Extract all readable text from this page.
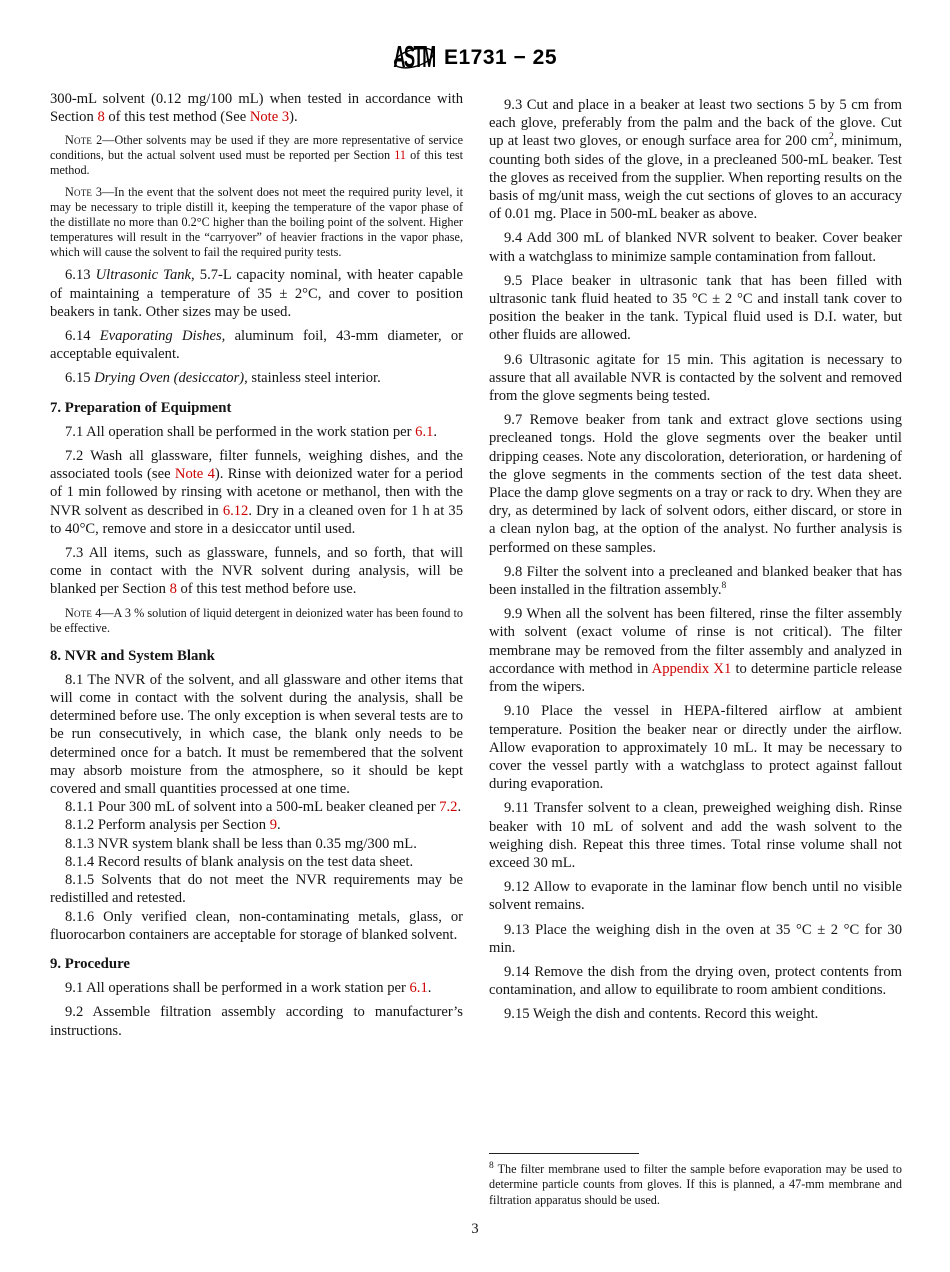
ASTM E1731 − 25

300-mL solvent (0.12 mg/100 mL) when tested in accordance with Section 8 of this test method (See Note 3).

Note 2—Other solvents may be used if they are more representative of service conditions, but the actual solvent used must be reported per Section 11 of this test method.

Note 3—In the event that the solvent does not meet the required purity level, it may be necessary to triple distill it, keeping the temperature of the vapor phase of the distillate no more than 0.2°C higher than the boiling point of the solvent. Higher temperatures will result in the “carryover” of heavier fractions in the vapor phase, which will cause the solvent to fail the required purity tests.

6.13 Ultrasonic Tank, 5.7-L capacity nominal, with heater capable of maintaining a temperature of 35 ± 2°C, and cover to position beakers in tank. Other sizes may be used.

6.14 Evaporating Dishes, aluminum foil, 43-mm diameter, or acceptable equivalent.

6.15 Drying Oven (desiccator), stainless steel interior.

7. Preparation of Equipment

7.1 All operation shall be performed in the work station per 6.1.

7.2 Wash all glassware, filter funnels, weighing dishes, and the associated tools (see Note 4). Rinse with deionized water for a period of 1 min followed by rinsing with acetone or methanol, then with the NVR solvent as described in 6.12. Dry in a cleaned oven for 1 h at 35 to 40°C, remove and store in a desiccator until used.

7.3 All items, such as glassware, funnels, and so forth, that will come in contact with the NVR solvent during analysis, will be blanked per Section 8 of this test method before use.

Note 4—A 3 % solution of liquid detergent in deionized water has been found to be effective.

8. NVR and System Blank

8.1 The NVR of the solvent, and all glassware and other items that will come in contact with the solvent during the analysis, shall be determined before use. The only exception is when several tests are to be run consecutively, in which case, the blank only needs to be determined once for a batch. It must be remembered that the solvent may absorb moisture from the atmosphere, so it should be kept covered and small quantities processed at one time.

8.1.1 Pour 300 mL of solvent into a 500-mL beaker cleaned per 7.2.

8.1.2 Perform analysis per Section 9.

8.1.3 NVR system blank shall be less than 0.35 mg/300 mL.

8.1.4 Record results of blank analysis on the test data sheet.

8.1.5 Solvents that do not meet the NVR requirements may be redistilled and retested.

8.1.6 Only verified clean, non-contaminating metals, glass, or fluorocarbon containers are acceptable for storage of blanked solvent.

9. Procedure

9.1 All operations shall be performed in a work station per 6.1.

9.2 Assemble filtration assembly according to manufacturer’s instructions.

9.3 Cut and place in a beaker at least two sections 5 by 5 cm from each glove, preferably from the palm and the back of the glove. Cut up at least two gloves, or enough surface area for 200 $cm^2$, minimum, counting both sides of the glove, in a precleaned 500-mL beaker. Test the gloves as received from the supplier. When reporting results on the basis of mg/unit mass, weigh the cut sections of gloves to an accuracy of 0.01 mg. Place in 500-mL beaker as above.

9.4 Add 300 mL of blanked NVR solvent to beaker. Cover beaker with a watchglass to minimize sample contamination from fallout.

9.5 Place beaker in ultrasonic tank that has been filled with ultrasonic tank fluid heated to 35 °C ± 2 °C and install tank cover to position the beaker in the tank. Typical fluid used is D.I. water, but other fluids are allowed.

9.6 Ultrasonic agitate for 15 min. This agitation is necessary to assure that all available NVR is contacted by the solvent and removed from the glove segments being tested.

9.7 Remove beaker from tank and extract glove sections using precleaned tongs. Hold the glove segments over the beaker until dripping ceases. Note any discoloration, deterioration, or hardening of the glove segments in the comments section of the test data sheet. Place the damp glove segments on a tray or rack to dry. When they are dry, as determined by lack of solvent odors, either discard, or store in a clean nylon bag, at the option of the analyst. No further analysis is performed on these samples.

9.8 Filter the solvent into a precleaned and blanked beaker that has been installed in the filtration assembly.$^8$

9.9 When all the solvent has been filtered, rinse the filter assembly with solvent (exact volume of rinse is not critical). The filter membrane may be removed from the filter assembly and analyzed in accordance with method in Appendix X1 to determine particle release from the wipers.

9.10 Place the vessel in HEPA-filtered airflow at ambient temperature. Position the beaker near or directly under the airflow. Allow evaporation to approximately 10 mL. It may be necessary to cover the vessel partly with a watchglass to protect against fallout during evaporation.

9.11 Transfer solvent to a clean, preweighed weighing dish. Rinse beaker with 10 mL of solvent and add the wash solvent to the weighing dish. Repeat this three times. Total rinse volume shall not exceed 30 mL.

9.12 Allow to evaporate in the laminar flow bench until no visible solvent remains.

9.13 Place the weighing dish in the oven at 35 °C ± 2 °C for 30 min.

9.14 Remove the dish from the drying oven, protect contents from contamination, and allow to equilibrate to room ambient conditions.

9.15 Weigh the dish and contents. Record this weight.

$^8$ The filter membrane used to filter the sample before evaporation may be used to determine particle counts from gloves. If this is planned, a 47-mm membrane and filtration apparatus should be used.

3
